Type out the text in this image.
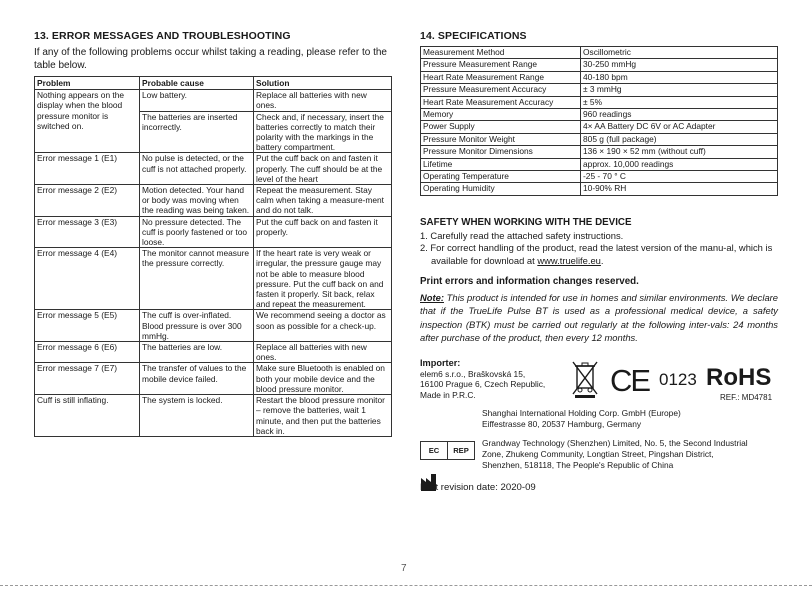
13. ERROR MESSAGES AND TROUBLESHOOTING

If any of the following problems occur whilst taking a reading, please refer to the table below.

Problem	Probable cause	Solution
Nothing appears on the display when the blood pressure monitor is switched on.	Low battery.	Replace all batteries with new ones.
	The batteries are inserted incorrectly.	Check and, if necessary, insert the batteries correctly to match their polarity with the markings in the battery compartment.
Error message 1 (E1)	No pulse is detected, or the cuff is not attached properly.	Put the cuff back on and fasten it properly. The cuff should be at the level of the heart
Error message 2 (E2)	Motion detected. Your hand or body was moving when the reading was being taken.	Repeat the measurement. Stay calm when taking a measure-ment and do not talk.
Error message 3 (E3)	No pressure detected. The cuff is poorly fastened or too loose.	Put the cuff back on and fasten it properly.
Error message 4 (E4)	The monitor cannot measure the pressure correctly.	If the heart rate is very weak or irregular, the pressure gauge may not be able to measure blood pressure. Put the cuff back on and fasten it properly. Sit back, relax and repeat the measurement.
Error message 5 (E5)	The cuff is over-inflated. Blood pressure is over 300 mmHg.	We recommend seeing a doctor as soon as possible for a check-up.
Error message 6 (E6)	The batteries are low.	Replace all batteries with new ones.
Error message 7 (E7)	The transfer of values to the mobile device failed.	Make sure Bluetooth is enabled on both your mobile device and the blood pressure monitor.
Cuff is still inflating.	The system is locked.	Restart the blood pressure monitor – remove the batteries, wait 1 minute, and then put the batteries back in.
14. SPECIFICATIONS
Measurement Method	Oscillometric
Pressure Measurement Range	30-250 mmHg
Heart Rate Measurement Range	40-180 bpm
Pressure Measurement Accuracy	± 3 mmHg
Heart Rate Measurement Accuracy	± 5%
Memory	960 readings
Power Supply	4× AA Battery DC 6V or AC Adapter
Pressure Monitor Weight	805 g (full package)
Pressure Monitor Dimensions	136 × 190 × 52 mm (without cuff)
Lifetime	approx. 10,000 readings
Operating Temperature	-25 - 70 ° C
Operating Humidity	10-90% RH
SAFETY WHEN WORKING WITH THE DEVICE
1. Carefully read the attached safety instructions.
2. For correct handling of the product, read the latest version of the manu-al, which is available for download at www.truelife.eu.
Print errors and information changes reserved.

Note: This product is intended for use in homes and similar environments. We declare that if the TrueLife Pulse BT is used as a professional medical device, a safety inspection (BTK) must be carried out regularly at the following inter-vals: 24 months after purchase of the product, then every 12 months.

Importer:
elem6 s.r.o., Braškovská 15,
16100 Prague 6, Czech Republic,
Made in P.R.C.	CE 0123 RoHS
REF.: MD4781
EC	REP
Shanghai International Holding Corp. GmbH (Europe)
Eiffestrasse 80, 20537 Hamburg, Germany
Grandway Technology (Shenzhen) Limited, No. 5, the Second Industrial
Zone, Zhukeng Community, Longtian Street, Pingshan District,
Shenzhen, 518118, The People's Republic of China
Last revision date: 2020-09
7
